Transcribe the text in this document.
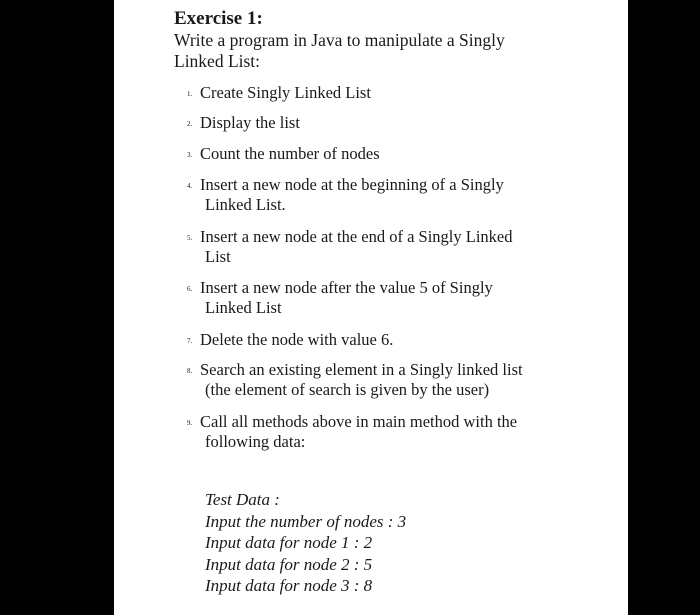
Exercise 1:
Write a program in Java to manipulate a Singly
Linked List:
1. Create Singly Linked List
2. Display the list
3. Count the number of nodes
4. Insert a new node at the beginning of a Singly
Linked List.
5. Insert a new node at the end of a Singly Linked
List
6. Insert a new node after the value 5 of Singly
Linked List
7. Delete the node with value 6.
8. Search an existing element in a Singly linked list
(the element of search is given by the user)
9. Call all methods above in main method with the
following data:
Test Data :
Input the number of nodes : 3
Input data for node 1 : 2
Input data for node 2 : 5
Input data for node 3 : 8
